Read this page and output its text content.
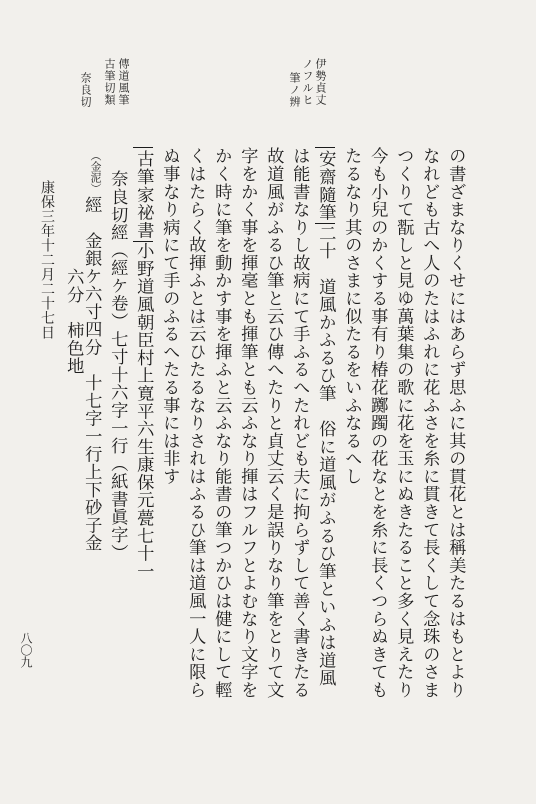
伊勢貞丈
ノフルヒ
筆ノ辨
傳道風筆
古筆切類
奈良切
の書ざまなりくせにはあらず思ふに其の貫花とは稱美たるはもとより
なれども古へ人のたはふれに花ふさを糸に貫きて長くして念珠のさま
つくりて翫しと見ゆ萬葉集の歌に花を玉にぬきたること多く見えたり
今も小兒のかくする事有り椿花躑躅の花なとを糸に長くつらぬきても
たるなり其のさまに似たるをいふなるへし
安齋隨筆二十　道風かふるひ筆　俗に道風がふるひ筆といふは道風
は能書なりし故病にて手ふるへたれども夫に拘らずして善く書きたる
故道風がふるひ筆と云ひ傳へたりと貞丈云く是誤りなり筆をとりて文
字をかく事を揮毫とも揮筆とも云ふなり揮はフルフとよむなり文字を
かく時に筆を動かす事を揮ふと云ふなり能書の筆つかひは健にして輕
くはたらく故揮ふとは云ひたるなりされはふるひ筆は道風一人に限ら
ぬ事なり病にて手のふるへたる事には非す
古筆家祕書小野道風朝臣村上寛平六生康保元甍七十一
奈良切經（經ケ卷）七寸十六字一行（紙書眞字）
（金泥）
經　金銀ケ六寸四分　十七字一行上下砂子金
六分　柿色地
康保三年十二月二十七日
八〇九
